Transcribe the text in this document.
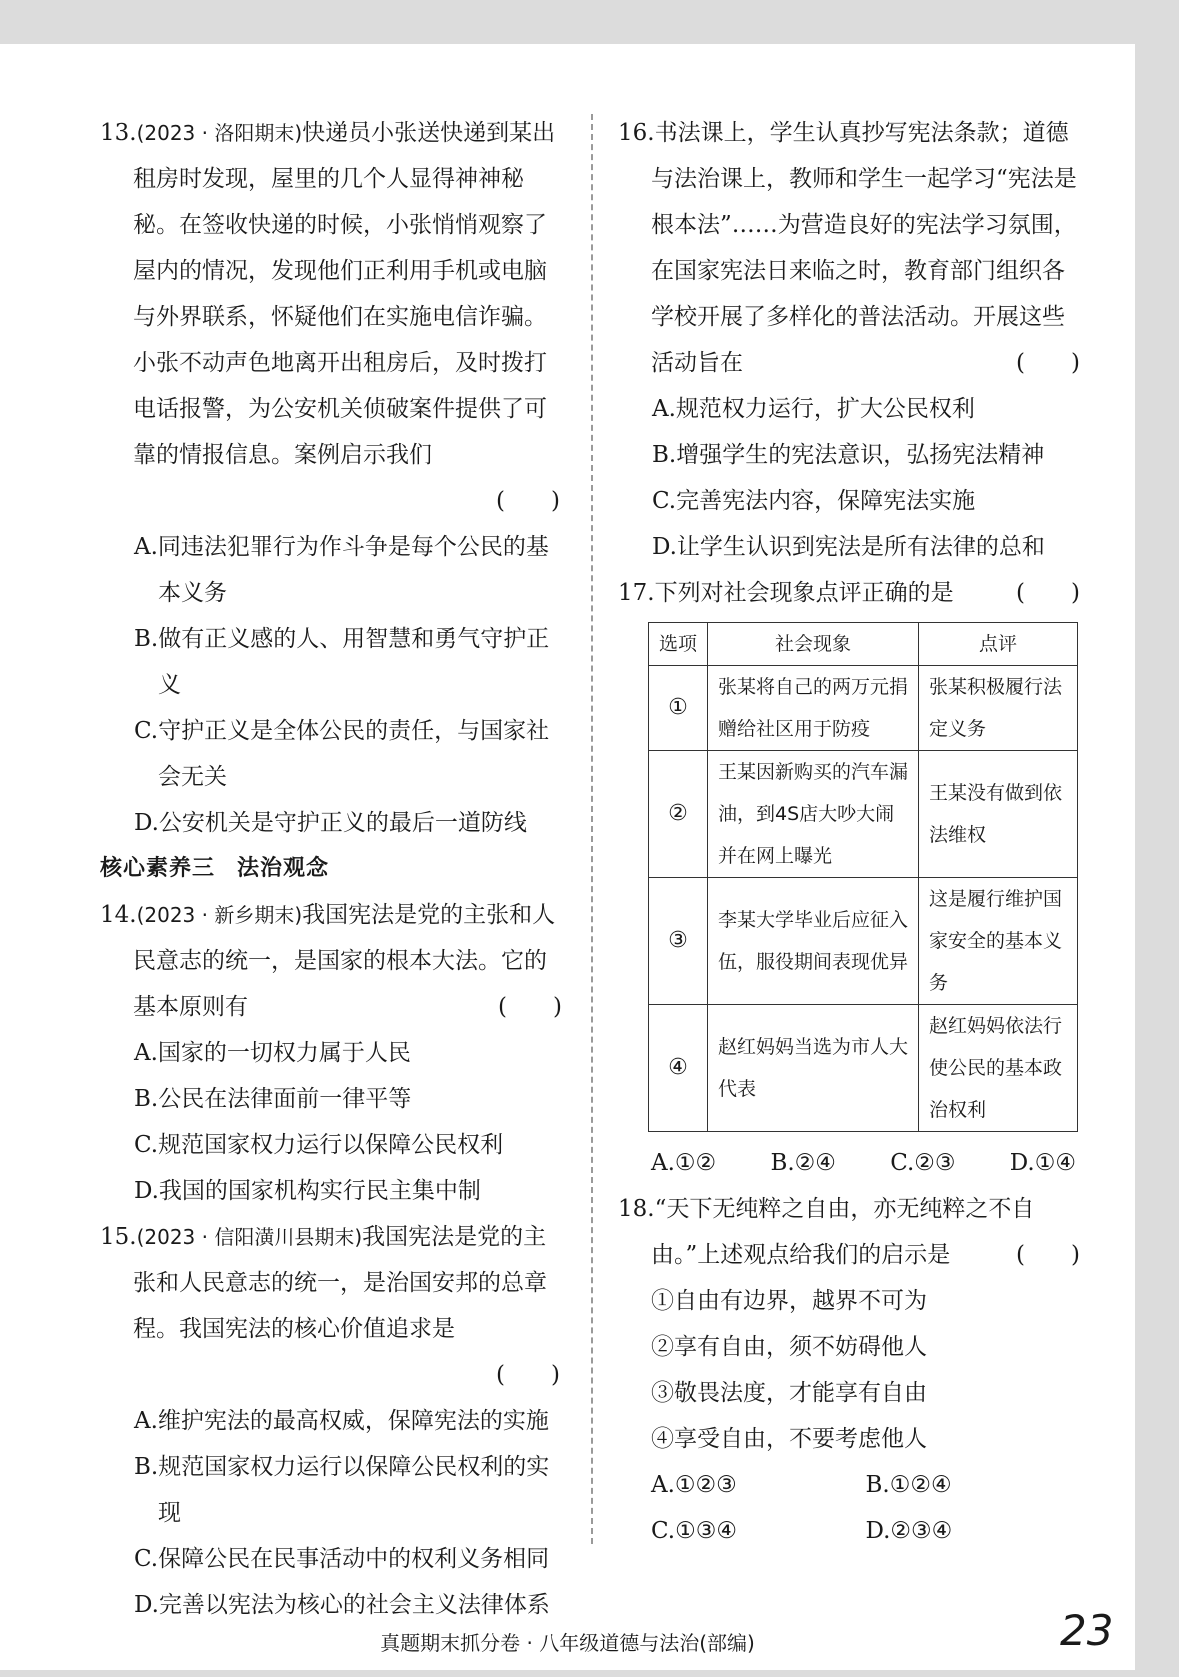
13.(2023 · 洛阳期末)快递员小张送快递到某出租房时发现，屋里的几个人显得神神秘秘。在签收快递的时候，小张悄悄观察了屋内的情况，发现他们正利用手机或电脑与外界联系，怀疑他们在实施电信诈骗。小张不动声色地离开出租房后，及时拨打电话报警，为公安机关侦破案件提供了可靠的情报信息。案例启示我们
(　　)
A.同违法犯罪行为作斗争是每个公民的基本义务
B.做有正义感的人、用智慧和勇气守护正义
C.守护正义是全体公民的责任，与国家社会无关
D.公安机关是守护正义的最后一道防线
核心素养三 法治观念
14.(2023 · 新乡期末)我国宪法是党的主张和人民意志的统一，是国家的根本大法。它的基本原则有	(　　)
A.国家的一切权力属于人民
B.公民在法律面前一律平等
C.规范国家权力运行以保障公民权利
D.我国的国家机构实行民主集中制
15.(2023 · 信阳潢川县期末)我国宪法是党的主张和人民意志的统一，是治国安邦的总章程。我国宪法的核心价值追求是
(　　)
A.维护宪法的最高权威，保障宪法的实施
B.规范国家权力运行以保障公民权利的实现
C.保障公民在民事活动中的权利义务相同
D.完善以宪法为核心的社会主义法律体系
16.书法课上，学生认真抄写宪法条款；道德与法治课上，教师和学生一起学习“宪法是根本法”……为营造良好的宪法学习氛围，在国家宪法日来临之时，教育部门组织各学校开展了多样化的普法活动。开展这些活动旨在	(　　)
A.规范权力运行，扩大公民权利
B.增强学生的宪法意识，弘扬宪法精神
C.完善宪法内容，保障宪法实施
D.让学生认识到宪法是所有法律的总和
17.下列对社会现象点评正确的是	(　　)
选项	社会现象	点评
①	张某将自己的两万元捐赠给社区用于防疫	张某积极履行法定义务
②	王某因新购买的汽车漏油，到4S店大吵大闹并在网上曝光	王某没有做到依法维权
③	李某大学毕业后应征入伍，服役期间表现优异	这是履行维护国家安全的基本义务
④	赵红妈妈当选为市人大代表	赵红妈妈依法行使公民的基本政治权利
A.①② B.②④ C.②③ D.①④
18.“天下无纯粹之自由，亦无纯粹之不自由。”上述观点给我们的启示是	(　　)
①自由有边界，越界不可为
②享有自由，须不妨碍他人
③敬畏法度，才能享有自由
④享受自由，不要考虑他人
A.①②③	B.①②④
C.①③④	D.②③④
真题期末抓分卷 · 八年级道德与法治(部编)	23
